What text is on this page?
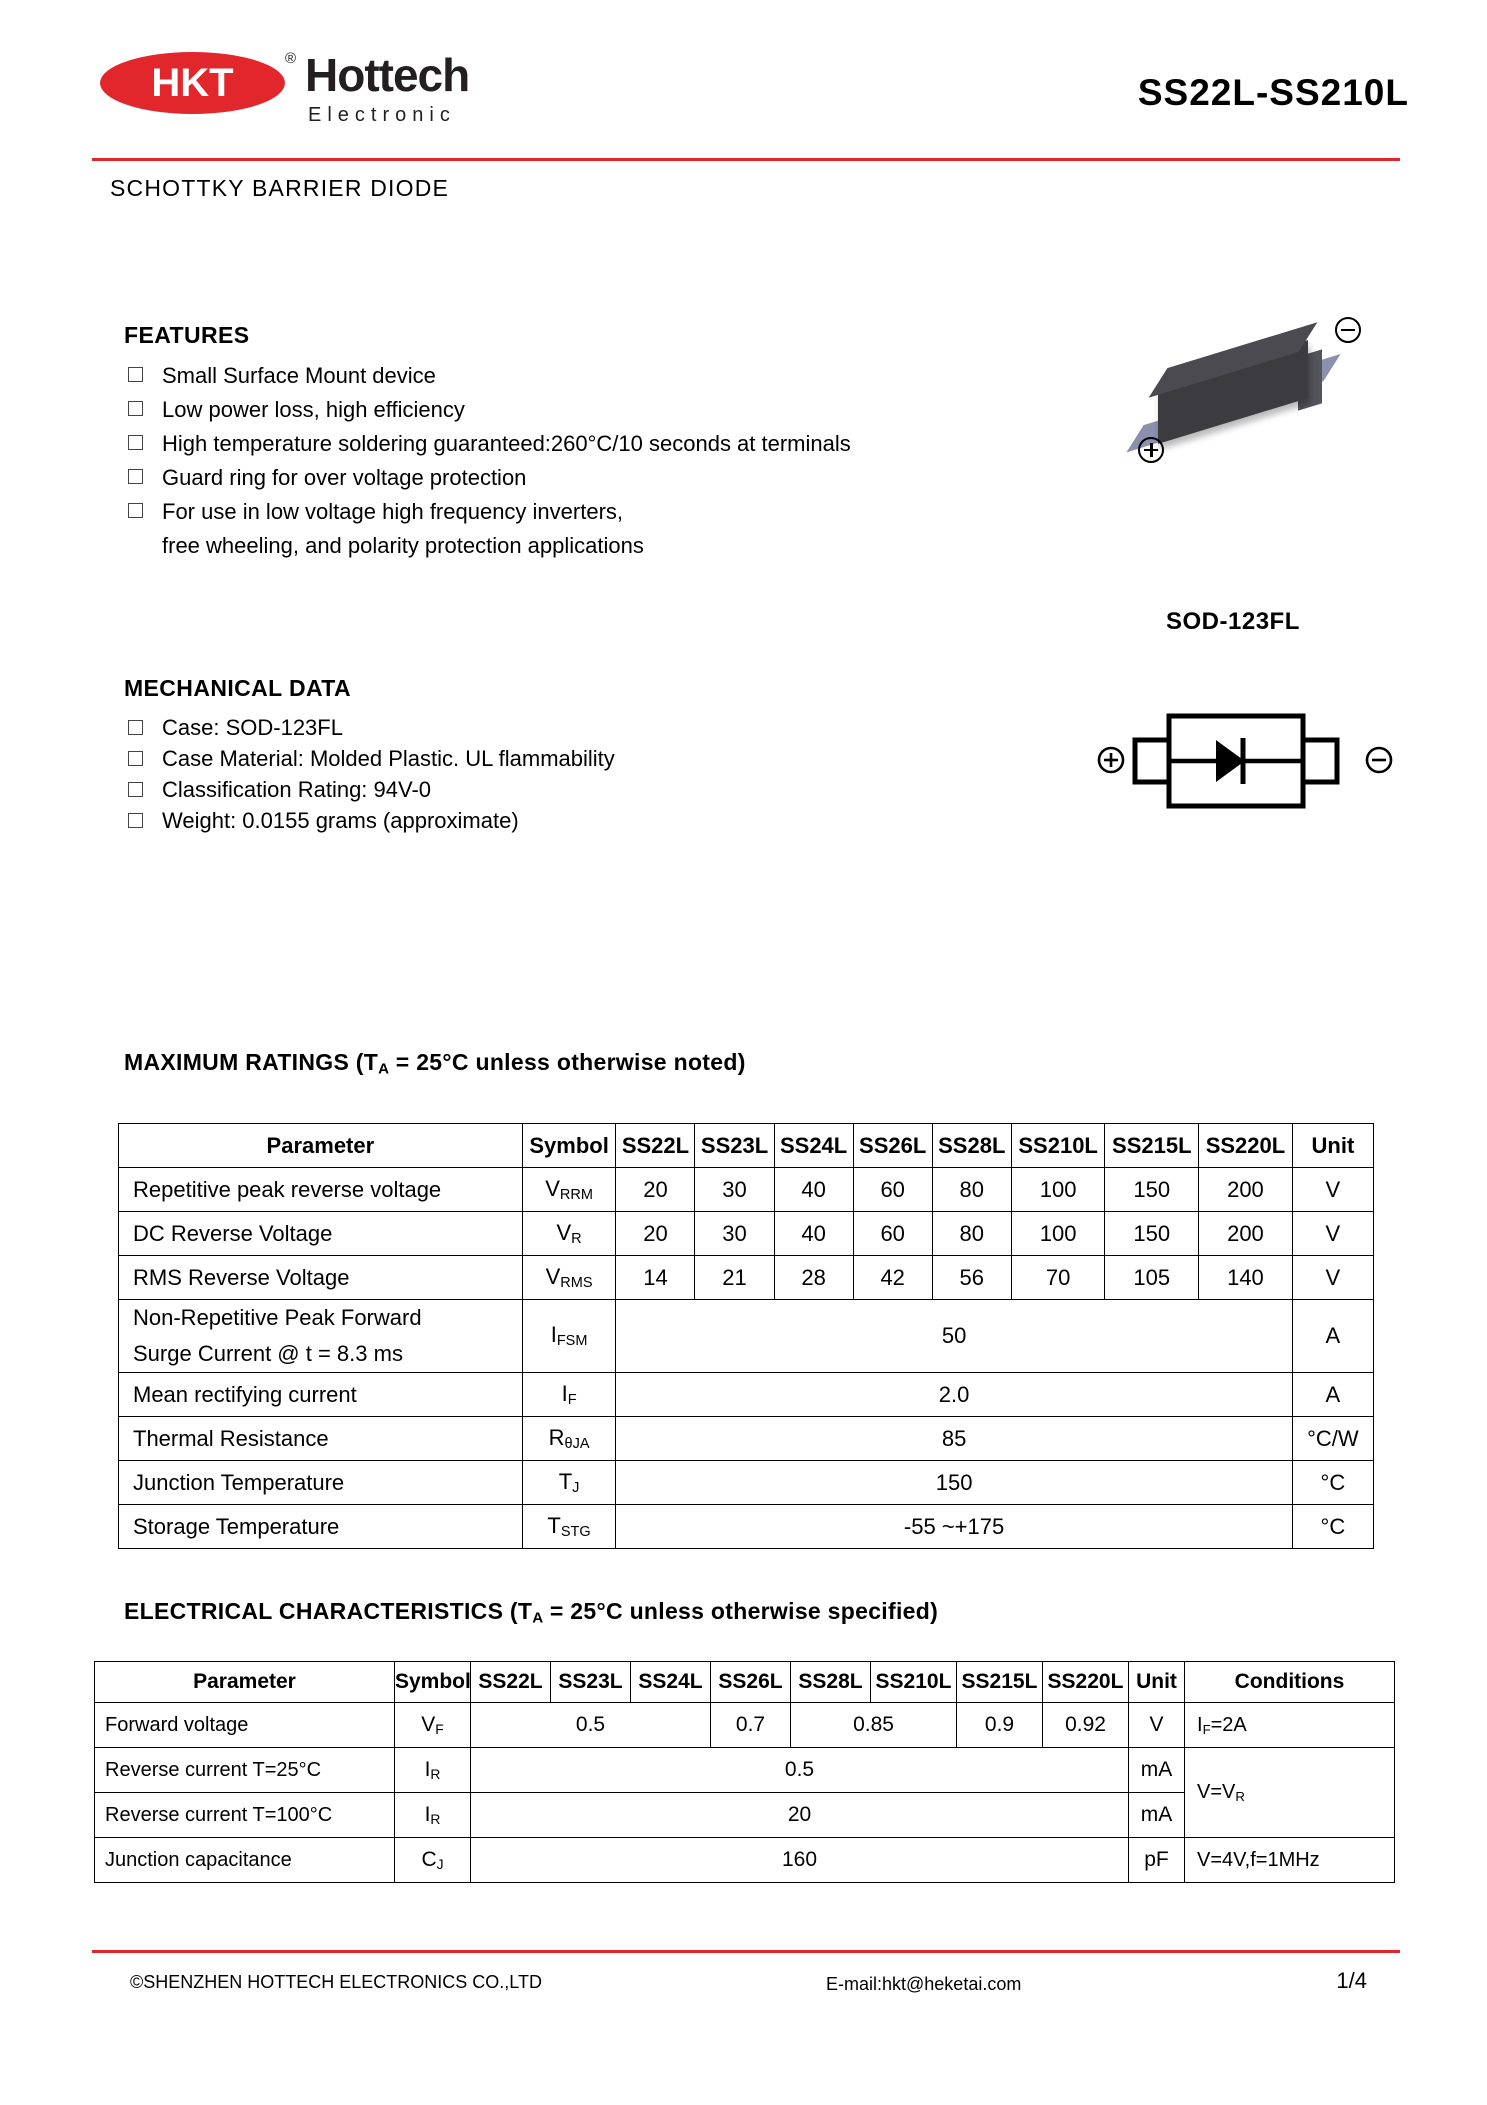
HKT
® Hottech
Electronic
SS22L-SS210L
SCHOTTKY BARRIER DIODE
FEATURES
Small Surface Mount device
Low power loss, high efficiency
High temperature soldering guaranteed:260°C/10 seconds at terminals
Guard ring for over voltage protection
For use in low voltage high frequency inverters,
free wheeling, and polarity protection applications
MECHANICAL DATA
Case: SOD-123FL
Case Material: Molded Plastic. UL flammability
Classification Rating: 94V-0
Weight: 0.0155 grams (approximate)

SOD-123FL
MAXIMUM RATINGS ($T_A = 25^\circ C$ unless otherwise noted)
Parameter	Symbol	SS22L	SS23L	SS24L	SS26L	SS28L	SS210L	SS215L	SS220L	Unit
Repetitive peak reverse voltage	$V_{RRM}$	20	30	40	60	80	100	150	200	V
DC Reverse Voltage	$V_R$	20	30	40	60	80	100	150	200	V
RMS Reverse Voltage	$V_{RMS}$	14	21	28	42	56	70	105	140	V

Non-Repetitive Peak Forward
Surge Current @ t = 8.3 ms	$I_{FSM}$	50								A
Mean rectifying current	$I_F$	2.0								A
Thermal Resistance	$R_{\theta JA}$	85								°C/W
Junction Temperature	$T_J$	150								°C
Storage Temperature	$T_{STG}$	-55 ~+175								°C
ELECTRICAL CHARACTERISTICS ($T_A = 25^\circ C$ unless otherwise specified)
Parameter	Symbol	SS22L	SS23L	SS24L	SS26L	SS28L	SS210L	SS215L	SS220L	Unit	Conditions
Forward voltage	$V_F$	0.5			0.7	0.85		0.9	0.92	V	$I_F=2A$
Reverse current T=25°C	$I_R$	0.5								mA	$V=V_R$
Reverse current T=100°C	$I_R$	20								mA	
Junction capacitance	$C_J$	160								pF	V=4V,f=1MHz
©SHENZHEN HOTTECH ELECTRONICS CO.,LTD	E-mail:hkt@heketai.com	1/4
